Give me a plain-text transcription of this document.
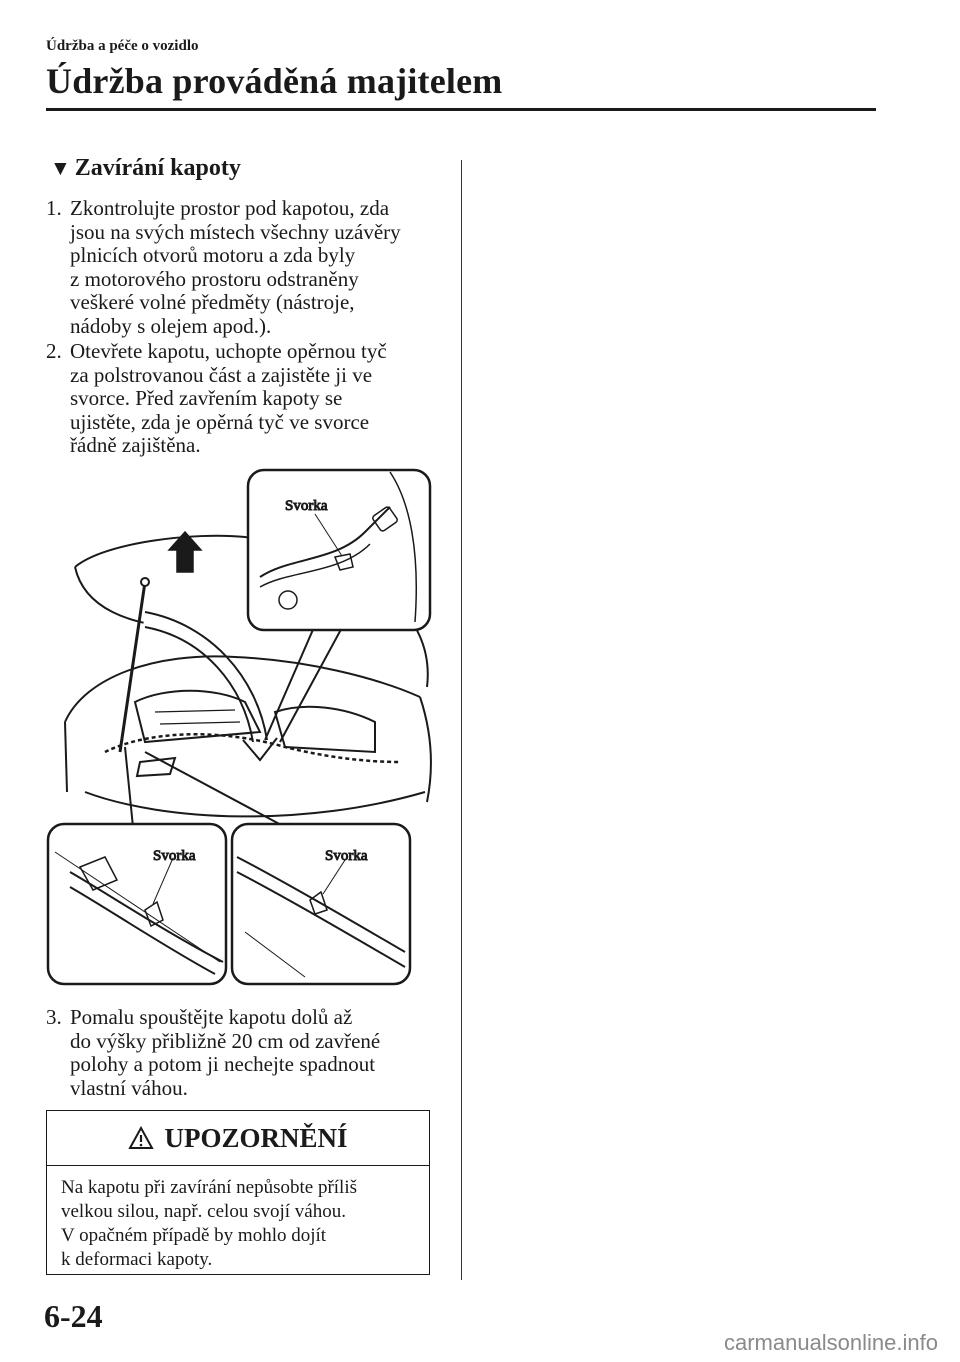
Údržba a péče o vozidlo
Údržba prováděná majitelem
▼ Zavírání kapoty
1. Zkontrolujte prostor pod kapotou, zda
jsou na svých místech všechny uzávěry
plnicích otvorů motoru a zda byly
z motorového prostoru odstraněny
veškeré volné předměty (nástroje,
nádoby s olejem apod.).
2. Otevřete kapotu, uchopte opěrnou tyč
za polstrovanou část a zajistěte ji ve
svorce. Před zavřením kapoty se
ujistěte, zda je opěrná tyč ve svorce
řádně zajištěna.
Svorka
Svorka	Svorka
3. Pomalu spouštějte kapotu dolů až
do výšky přibližně 20 cm od zavřené
polohy a potom ji nechejte spadnout
vlastní váhou.
UPOZORNĚNÍ
Na kapotu při zavírání nepůsobte příliš
velkou silou, např. celou svojí váhou.
V opačném případě by mohlo dojít
k deformaci kapoty.
6-24
carmanualsonline.info
